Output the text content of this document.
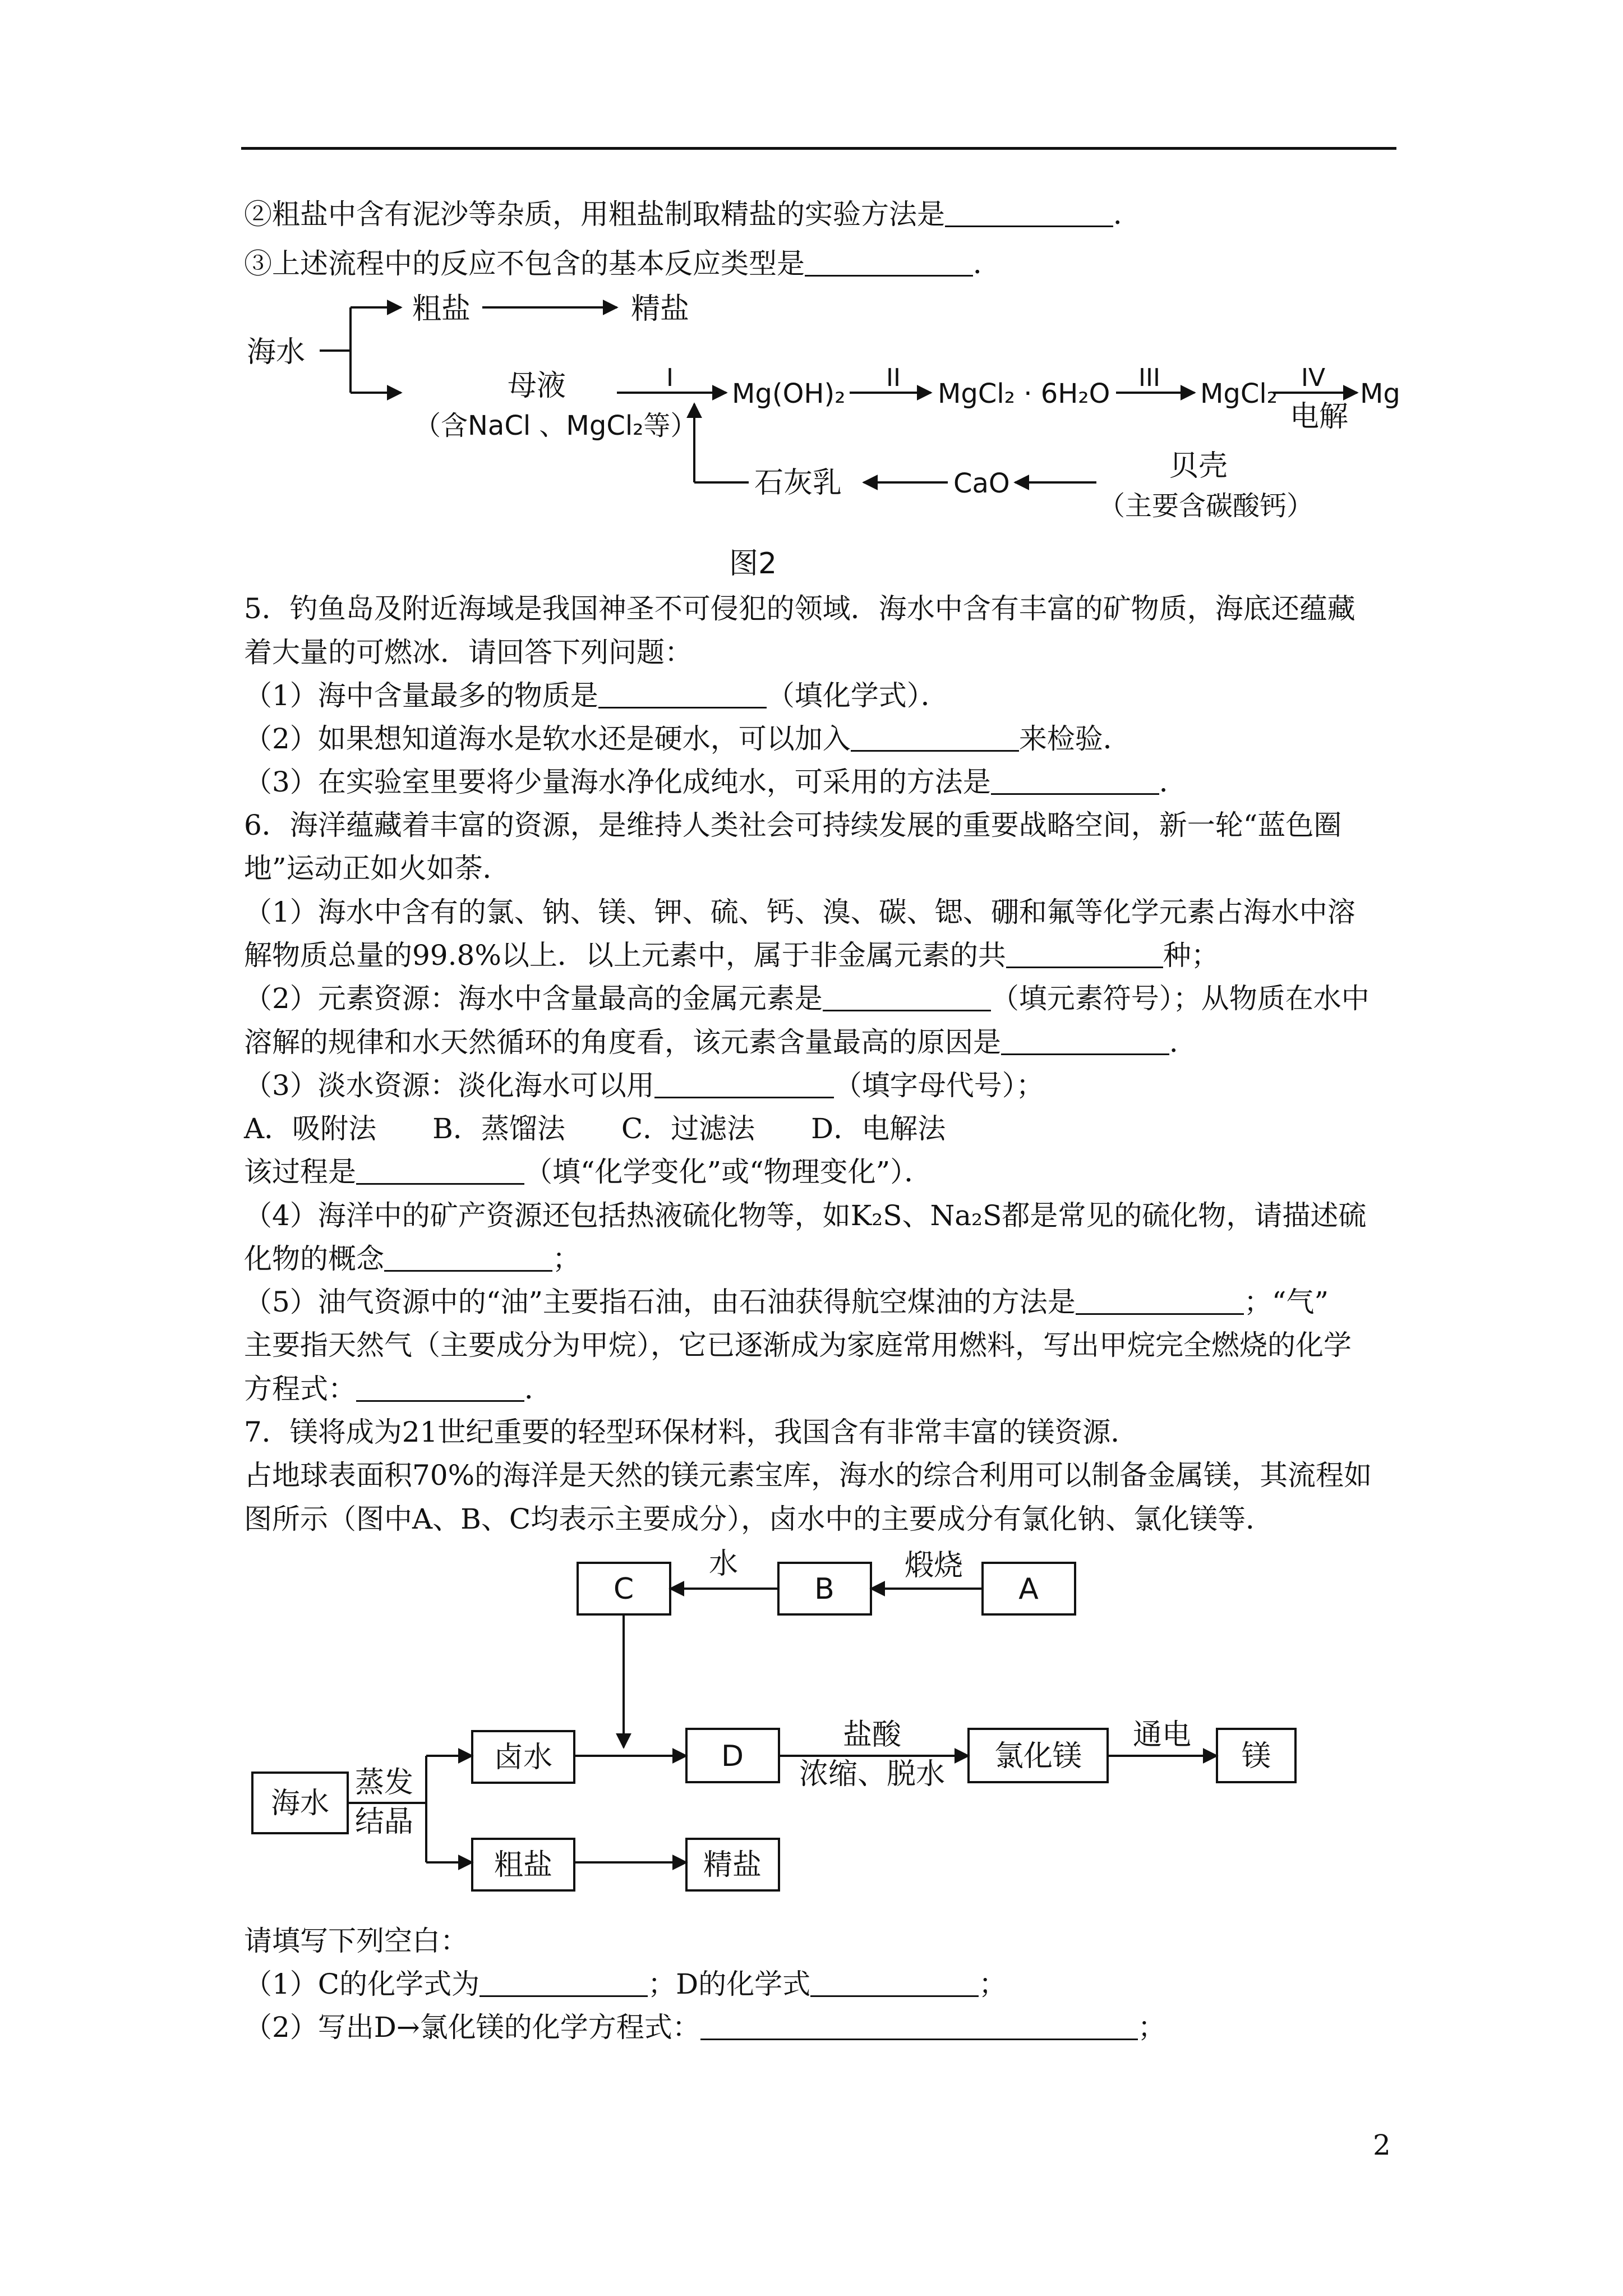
②粗盐中含有泥沙等杂质，用粗盐制取精盐的实验方法是	．
③上述流程中的反应不包含的基本反应类型是	．
海水
粗盐	精盐
母液
（含NaCl 、MgCl₂等）
I	II	III	IV
Mg(OH)₂	MgCl₂ · 6H₂O	MgCl₂
电解
Mg
石灰乳	CaO
贝壳
（主要含碳酸钙）
图2
5．钓鱼岛及附近海域是我国神圣不可侵犯的领域．海水中含有丰富的矿物质，海底还蕴藏
着大量的可燃冰．请回答下列问题：
（1）海中含量最多的物质是	（填化学式）．
（2）如果想知道海水是软水还是硬水，可以加入	来检验．
（3）在实验室里要将少量海水净化成纯水，可采用的方法是	．
6．海洋蕴藏着丰富的资源，是维持人类社会可持续发展的重要战略空间，新一轮“蓝色圈
地”运动正如火如荼．
（1）海水中含有的氯、钠、镁、钾、硫、钙、溴、碳、锶、硼和氟等化学元素占海水中溶
解物质总量的99.8%以上．以上元素中，属于非金属元素的共	种；
（2）元素资源：海水中含量最高的金属元素是	（填元素符号）；从物质在水中
溶解的规律和水天然循环的角度看，该元素含量最高的原因是	．
（3）淡水资源：淡化海水可以用	（填字母代号）；
A．吸附法　　B．蒸馏法　　C．过滤法　　D．电解法
该过程是	（填“化学变化”或“物理变化”）．
（4）海洋中的矿产资源还包括热液硫化物等，如K₂S、Na₂S都是常见的硫化物，请描述硫
化物的概念	；
（5）油气资源中的“油”主要指石油，由石油获得航空煤油的方法是	；“气”
主要指天然气（主要成分为甲烷），它已逐渐成为家庭常用燃料，写出甲烷完全燃烧的化学
方程式：	．
7．镁将成为21世纪重要的轻型环保材料，我国含有非常丰富的镁资源．
占地球表面积70%的海洋是天然的镁元素宝库，海水的综合利用可以制备金属镁，其流程如
图所示（图中A、B、C均表示主要成分），卤水中的主要成分有氯化钠、氯化镁等．
C	B	A
水	煅烧
海水
蒸发
结晶
卤水	D
盐酸
浓缩、脱水
氯化镁
通电
镁
粗盐	精盐
请填写下列空白：
（1）C的化学式为	；D的化学式	；
（2）写出D→氯化镁的化学方程式：	；
2
